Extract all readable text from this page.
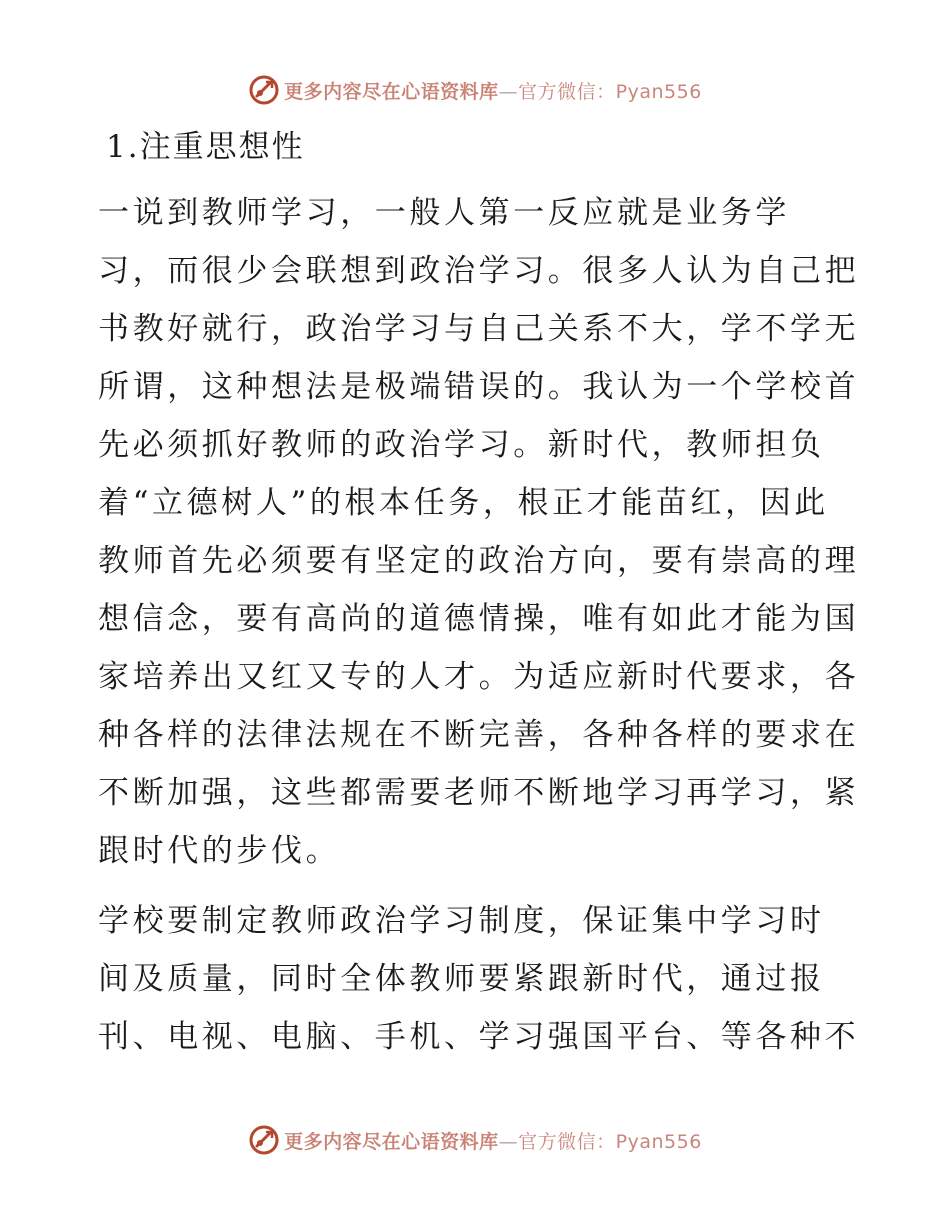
更多内容尽在心语资料库—官方微信：Pyan556
1.注重思想性
一说到教师学习，一般人第一反应就是业务学
习，而很少会联想到政治学习。很多人认为自己把
书教好就行，政治学习与自己关系不大，学不学无
所谓，这种想法是极端错误的。我认为一个学校首
先必须抓好教师的政治学习。新时代，教师担负
着“立德树人”的根本任务，根正才能苗红，因此
教师首先必须要有坚定的政治方向，要有崇高的理
想信念，要有高尚的道德情操，唯有如此才能为国
家培养出又红又专的人才。为适应新时代要求，各
种各样的法律法规在不断完善，各种各样的要求在
不断加强，这些都需要老师不断地学习再学习，紧
跟时代的步伐。
学校要制定教师政治学习制度，保证集中学习时
间及质量，同时全体教师要紧跟新时代，通过报
刊、电视、电脑、手机、学习强国平台、等各种不
更多内容尽在心语资料库—官方微信：Pyan556
